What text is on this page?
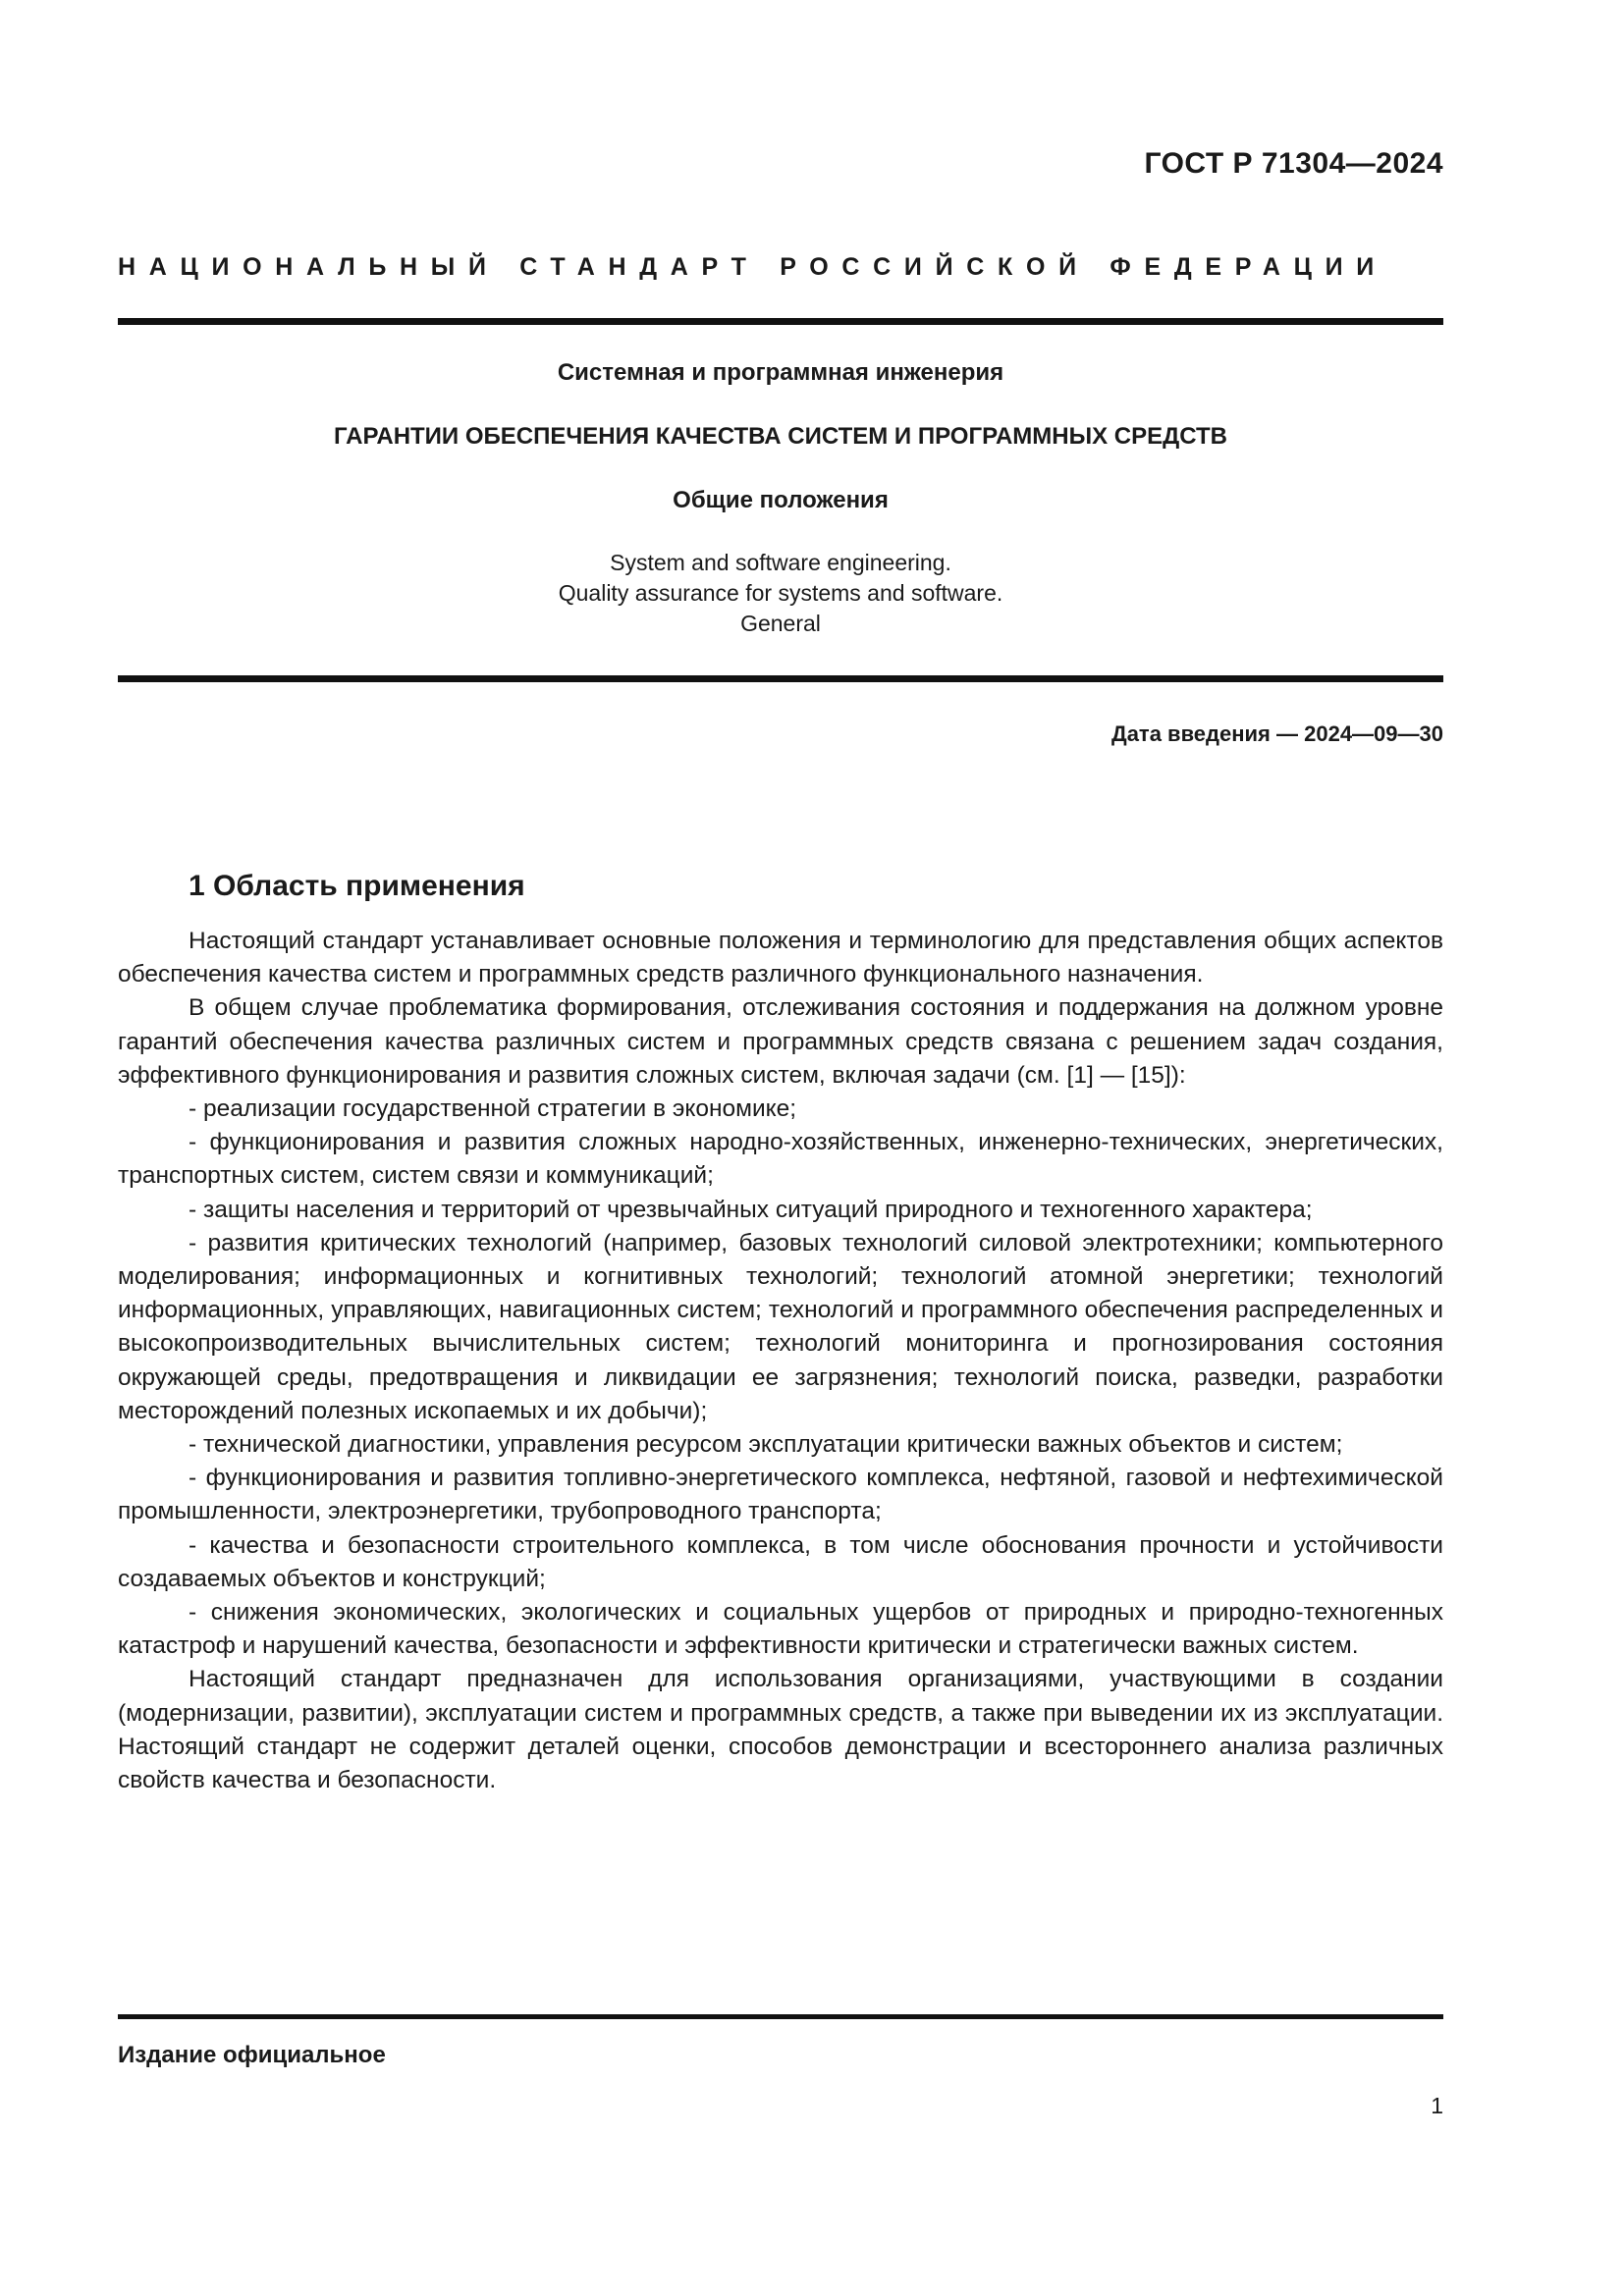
ГОСТ Р 71304—2024
НАЦИОНАЛЬНЫЙ СТАНДАРТ РОССИЙСКОЙ ФЕДЕРАЦИИ
Системная и программная инженерия
ГАРАНТИИ ОБЕСПЕЧЕНИЯ КАЧЕСТВА СИСТЕМ И ПРОГРАММНЫХ СРЕДСТВ
Общие положения
System and software engineering.
Quality assurance for systems and software.
General
Дата введения — 2024—09—30
1 Область применения

Настоящий стандарт устанавливает основные положения и терминологию для представления общих аспектов обеспечения качества систем и программных средств различного функционального назначения.

В общем случае проблематика формирования, отслеживания состояния и поддержания на должном уровне гарантий обеспечения качества различных систем и программных средств связана с решением задач создания, эффективного функционирования и развития сложных систем, включая задачи (см. [1] — [15]):

- реализации государственной стратегии в экономике;

- функционирования и развития сложных народно-хозяйственных, инженерно-технических, энергетических, транспортных систем, систем связи и коммуникаций;

- защиты населения и территорий от чрезвычайных ситуаций природного и техногенного характера;

- развития критических технологий (например, базовых технологий силовой электротехники; компьютерного моделирования; информационных и когнитивных технологий; технологий атомной энергетики; технологий информационных, управляющих, навигационных систем; технологий и программного обеспечения распределенных и высокопроизводительных вычислительных систем; технологий мониторинга и прогнозирования состояния окружающей среды, предотвращения и ликвидации ее загрязнения; технологий поиска, разведки, разработки месторождений полезных ископаемых и их добычи);

- технической диагностики, управления ресурсом эксплуатации критически важных объектов и систем;

- функционирования и развития топливно-энергетического комплекса, нефтяной, газовой и нефтехимической промышленности, электроэнергетики, трубопроводного транспорта;

- качества и безопасности строительного комплекса, в том числе обоснования прочности и устойчивости создаваемых объектов и конструкций;

- снижения экономических, экологических и социальных ущербов от природных и природно-техногенных катастроф и нарушений качества, безопасности и эффективности критически и стратегически важных систем.

Настоящий стандарт предназначен для использования организациями, участвующими в создании (модернизации, развитии), эксплуатации систем и программных средств, а также при выведении их из эксплуатации. Настоящий стандарт не содержит деталей оценки, способов демонстрации и всестороннего анализа различных свойств качества и безопасности.

Издание официальное
1
